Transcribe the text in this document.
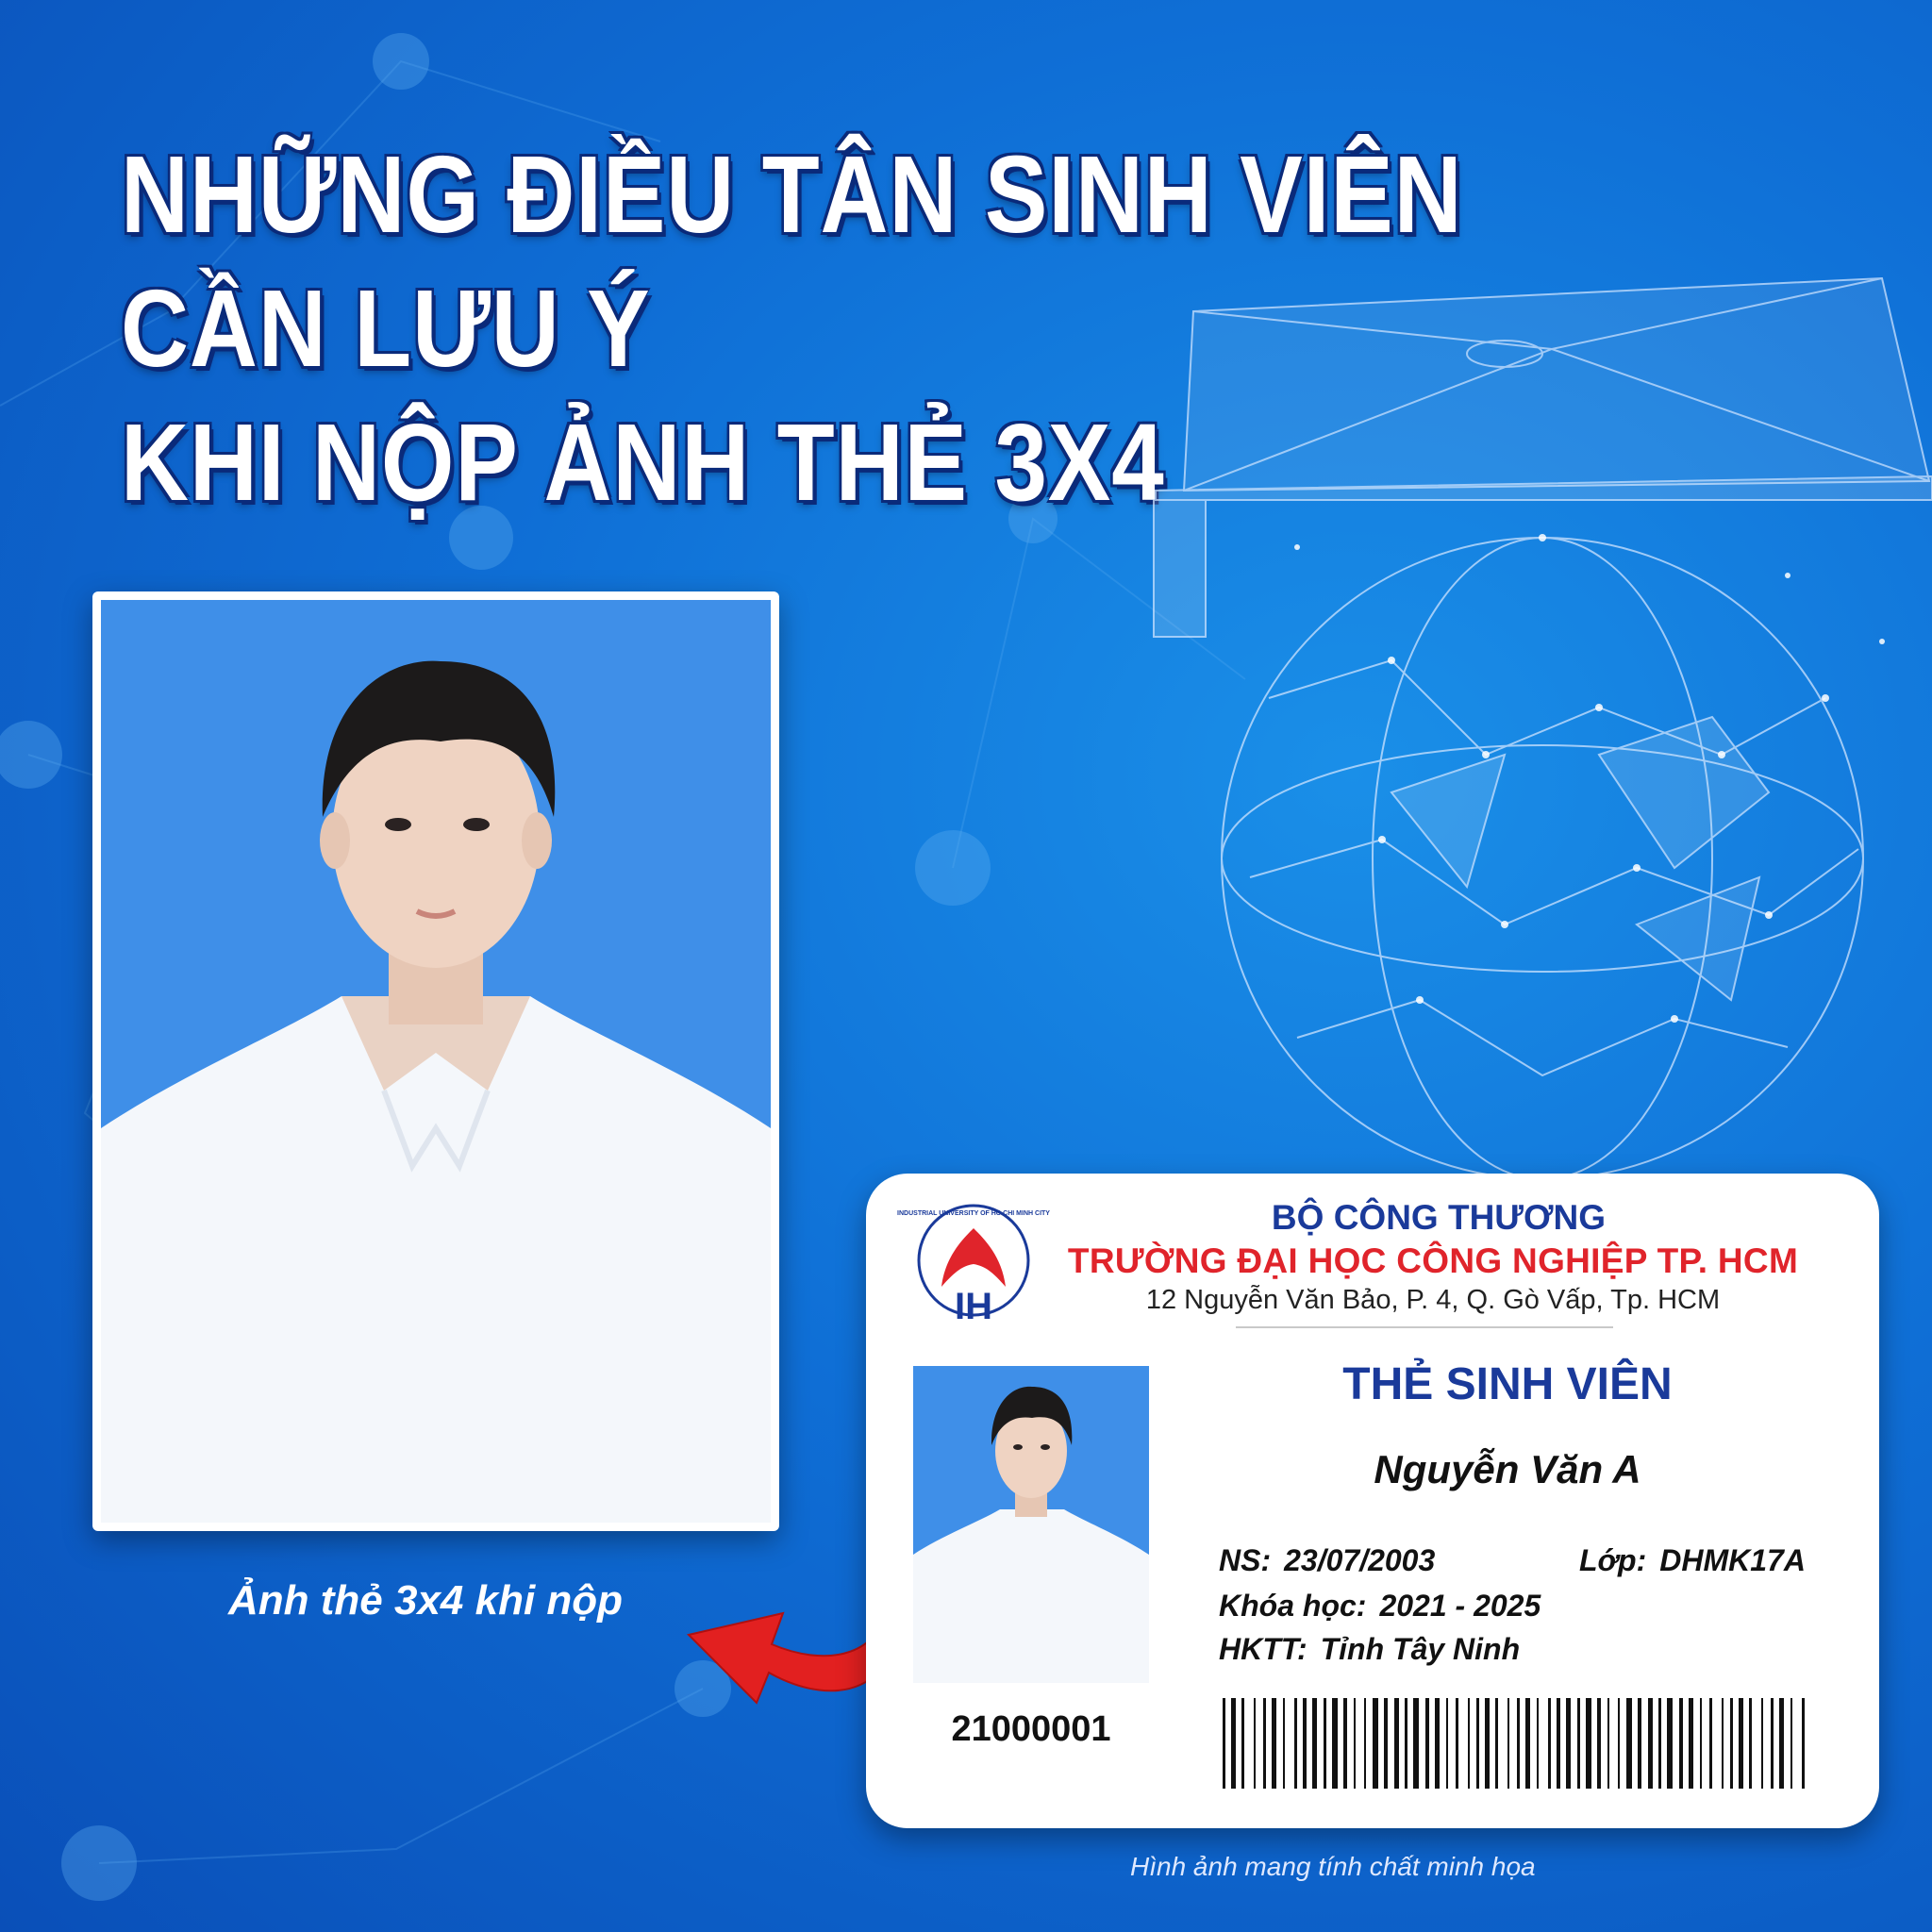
NHỮNG ĐIỀU TÂN SINH VIÊN CẦN LƯU Ý
KHI NỘP ẢNH THẺ 3X4

Ảnh thẻ 3x4 khi nộp

IH
INDUSTRIAL UNIVERSITY OF HO CHI MINH CITY	BỘ CÔNG THƯƠNG
TRƯỜNG ĐẠI HỌC CÔNG NGHIỆP TP. HCM
12 Nguyễn Văn Bảo, P. 4, Q. Gò Vấp, Tp. HCM
THẺ SINH VIÊN
Nguyễn Văn A
NS: 23/07/2003	Lớp: DHMK17A
Khóa học: 2021 - 2025
HKTT: Tỉnh Tây Ninh
21000001

Hình ảnh mang tính chất minh họa
